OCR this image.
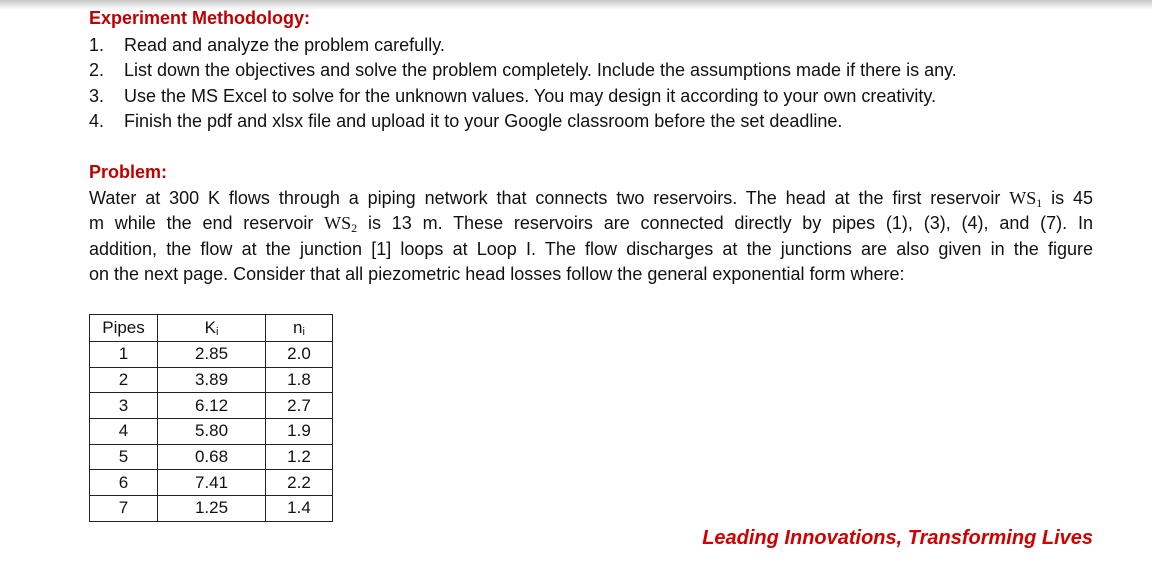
Experiment Methodology:
1. Read and analyze the problem carefully.
2. List down the objectives and solve the problem completely. Include the assumptions made if there is any.
3. Use the MS Excel to solve for the unknown values. You may design it according to your own creativity.
4. Finish the pdf and xlsx file and upload it to your Google classroom before the set deadline.
Problem:
Water at 300 K flows through a piping network that connects two reservoirs. The head at the first reservoir $WS_1$ is 45
m while the end reservoir $WS_2$ is 13 m. These reservoirs are connected directly by pipes (1), (3), (4), and (7). In
addition, the flow at the junction [1] loops at Loop I. The flow discharges at the junctions are also given in the figure
on the next page. Consider that all piezometric head losses follow the general exponential form where:
Pipes	$K_i$	$n_i$
1	2.85	2.0
2	3.89	1.8
3	6.12	2.7
4	5.80	1.9
5	0.68	1.2
6	7.41	2.2
7	1.25	1.4
Leading Innovations, Transforming Lives
